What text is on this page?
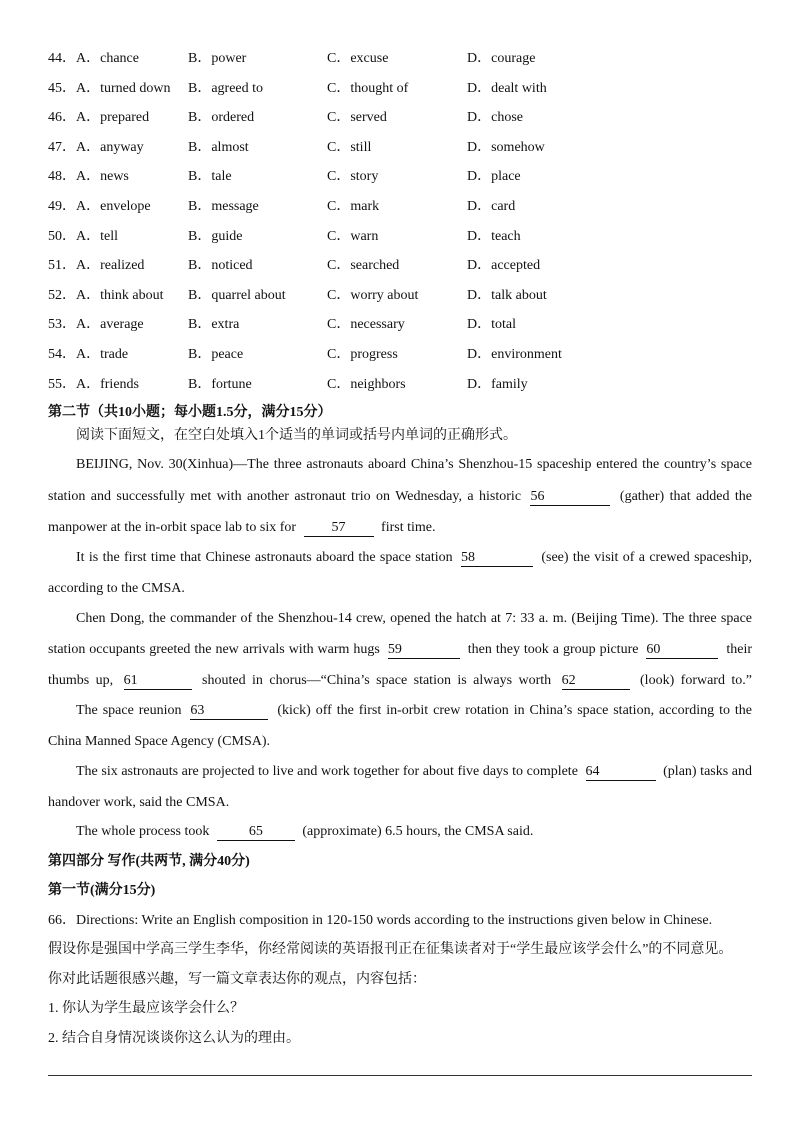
44．A．chance	B．power	C．excuse	D．courage
45．A．turned down B．agreed to	C．thought of	D．dealt with
46．A．prepared	B．ordered	C．served	D．chose
47．A．anyway	B．almost	C．still	D．somehow
48．A．news	B．tale	C．story	D．place
49．A．envelope	B．message	C．mark	D．card
50．A．tell	B．guide	C．warn	D．teach
51．A．realized	B．noticed	C．searched	D．accepted
52．A．think about B．quarrel about	C．worry about	D．talk about
53．A．average	B．extra	C．necessary	D．total
54．A．trade	B．peace	C．progress	D．environment
55．A．friends	B．fortune	C．neighbors	D．family
第二节（共10小题；每小题1.5分，满分15分）
阅读下面短文，在空白处填入1个适当的单词或括号内单词的正确形式。
BEIJING, Nov. 30(Xinhua)—The three astronauts aboard China’s Shenzhou-15 spaceship entered the country’s space
station and successfully met with another astronaut trio on Wednesday, a historic 56	(gather) that added the
manpower at the in-orbit space lab to six for	57	first time.
It is the first time that Chinese astronauts aboard the space station 58	(see) the visit of a crewed spaceship,
according to the CMSA.
Chen Dong, the commander of the Shenzhou-14 crew, opened the hatch at 7: 33 a. m. (Beijing Time). The three space
station occupants greeted the new arrivals with warm hugs 59	then they took a group picture 60	their
thumbs up, 61	shouted in chorus—“China’s space station is always worth 62	(look) forward to.”
The space reunion 63	(kick) off the first in-orbit crew rotation in China’s space station, according to the
China Manned Space Agency (CMSA).
The six astronauts are projected to live and work together for about five days to complete 64	(plan) tasks and
handover work, said the CMSA.
The whole process took	65	(approximate) 6.5 hours, the CMSA said.
第四部分 写作(共两节, 满分40分)
第一节(满分15分)
66．Directions: Write an English composition in 120-150 words according to the instructions given below in Chinese.
假设你是强国中学高三学生李华，你经常阅读的英语报刊正在征集读者对于“学生最应该学会什么”的不同意见。
你对此话题很感兴趣，写一篇文章表达你的观点，内容包括：
1. 你认为学生最应该学会什么？
2. 结合自身情况谈谈你这么认为的理由。
